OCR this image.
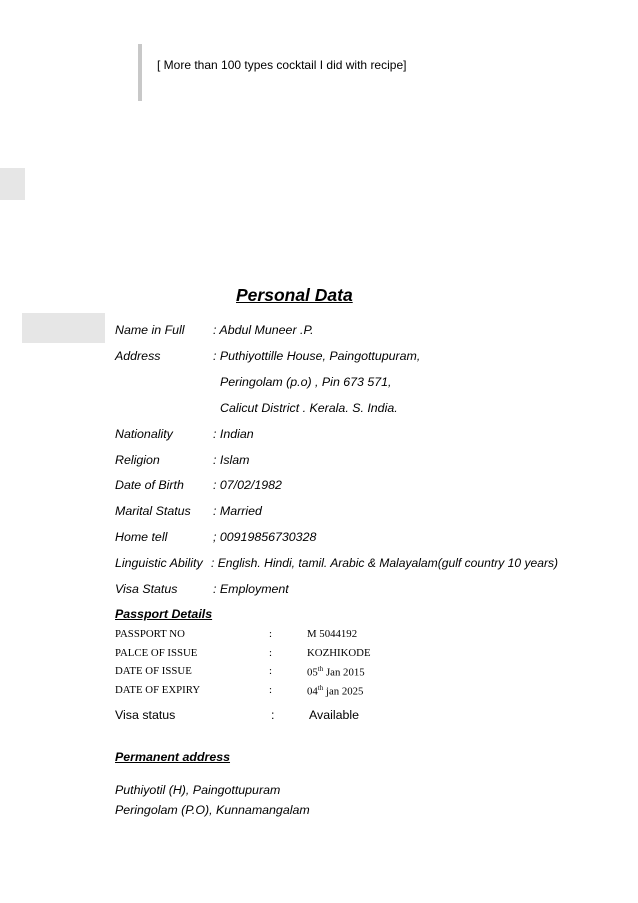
[ More than 100 types cocktail I did with recipe]
Personal Data
Name in Full : Abdul Muneer .P.
Address	: Puthiyottille House, Paingottupuram,
Peringolam (p.o) , Pin 673 571,
Calicut District . Kerala. S. India.
Nationality	: Indian
Religion	: Islam
Date of Birth : 07/02/1982
Marital Status : Married
Home tell	; 00919856730328
Linguistic Ability : English. Hindi, tamil. Arabic & Malayalam(gulf country 10 years)
Visa Status	: Employment
Passport Details
PASSPORT NO	:	M 5044192
PALCE OF ISSUE	:	KOZHIKODE
DATE OF ISSUE	:	05th Jan 2015
DATE OF EXPIRY	:	04th jan 2025
Visa status	:	Available
Permanent address
Puthiyotil (H), Paingottupuram
Peringolam (P.O), Kunnamangalam
